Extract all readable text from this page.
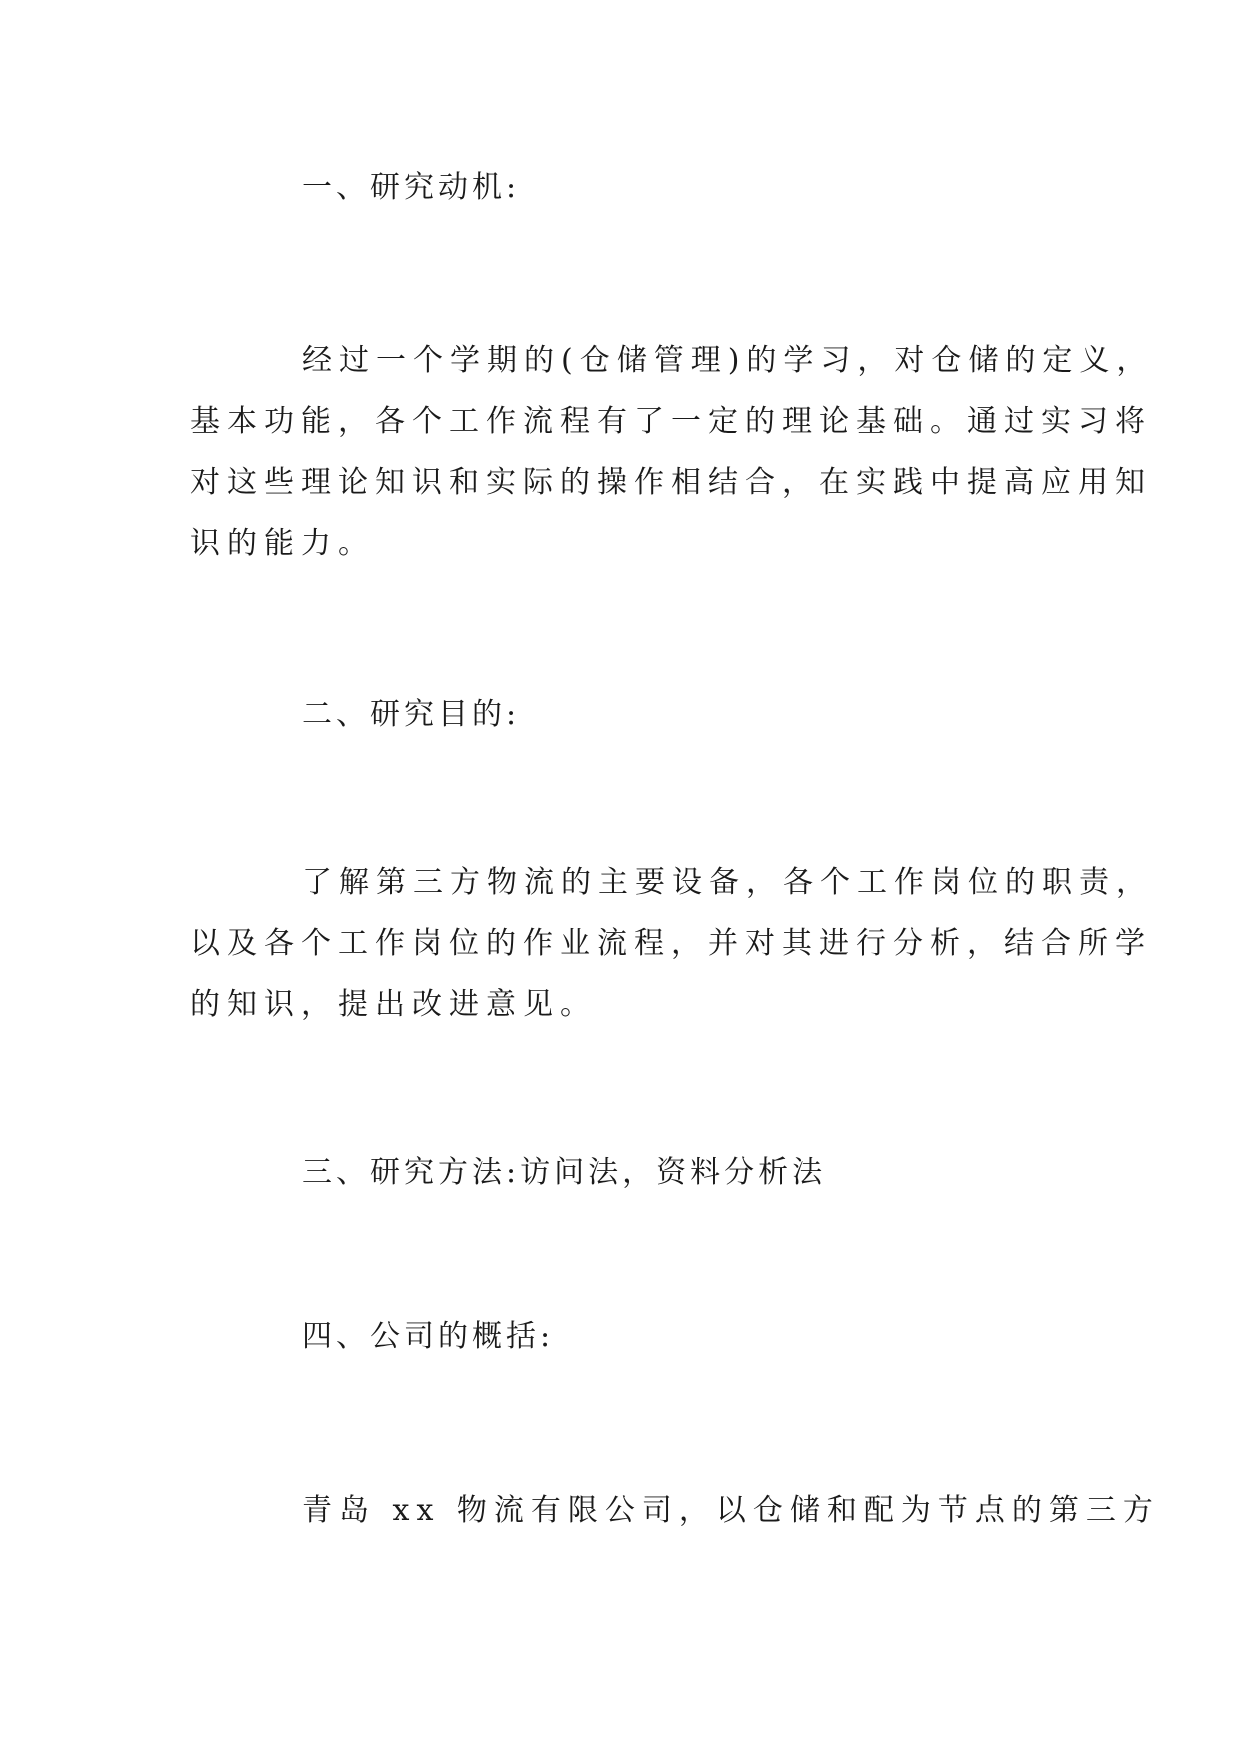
一、研究动机:

经过一个学期的(仓储管理)的学习，对仓储的定义，
基本功能，各个工作流程有了一定的理论基础。通过实习将
对这些理论知识和实际的操作相结合，在实践中提高应用知
识的能力。

二、研究目的:

了解第三方物流的主要设备，各个工作岗位的职责，
以及各个工作岗位的作业流程，并对其进行分析，结合所学
的知识，提出改进意见。

三、研究方法:访问法，资料分析法
四、公司的概括:

青岛 xx 物流有限公司，以仓储和配为节点的第三方
